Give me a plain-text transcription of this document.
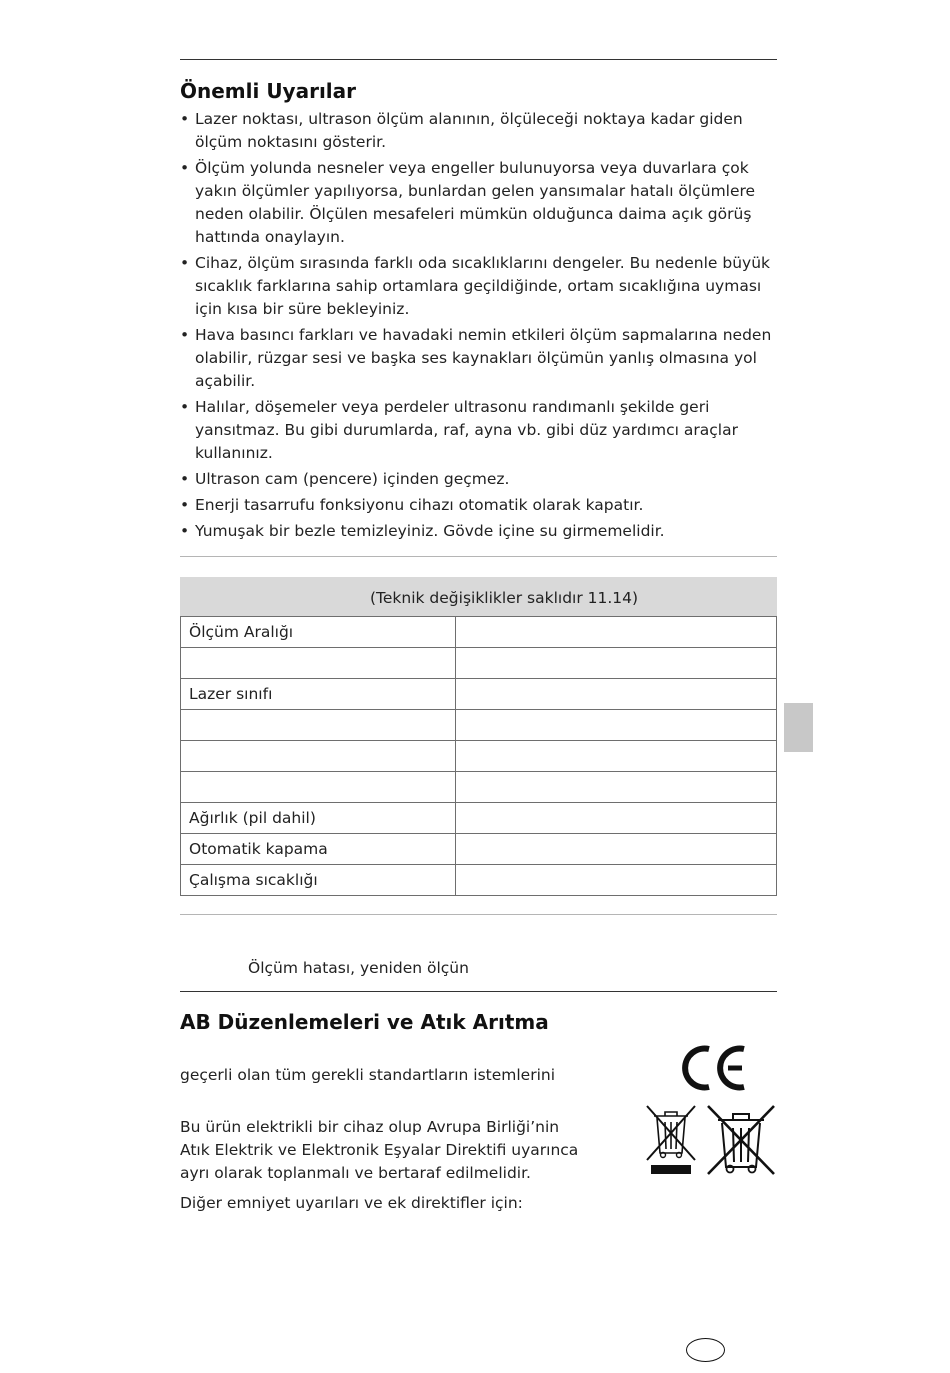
Önemli Uyarılar
• Lazer noktası, ultrason ölçüm alanının, ölçüleceği noktaya kadar giden ölçüm noktasını gösterir.
• Ölçüm yolunda nesneler veya engeller bulunuyorsa veya duvarlara çok yakın ölçümler yapılıyorsa, bunlardan gelen yansımalar hatalı ölçümlere neden olabilir. Ölçülen mesafeleri mümkün olduğunca daima açık görüş hattında onaylayın.
• Cihaz, ölçüm sırasında farklı oda sıcaklıklarını dengeler. Bu nedenle büyük sıcaklık farklarına sahip ortamlara geçildiğinde, ortam sıcaklığına uyması için kısa bir süre bekleyiniz.
• Hava basıncı farkları ve havadaki nemin etkileri ölçüm sapmalarına neden olabilir, rüzgar sesi ve başka ses kaynakları ölçümün yanlış olmasına yol açabilir.
• Halılar, döşemeler veya perdeler ultrasonu randımanlı şekilde geri yansıtmaz. Bu gibi durumlarda, raf, ayna vb. gibi düz yardımcı araçlar kullanınız.
• Ultrason cam (pencere) içinden geçmez.
• Enerji tasarrufu fonksiyonu cihazı otomatik olarak kapatır.
• Yumuşak bir bezle temizleyiniz. Gövde içine su girmemelidir.
(Teknik değişiklikler saklıdır 11.14)
Ölçüm Aralığı	

Lazer sınıfı	

Ağırlık (pil dahil)	
Otomatik kapama	
Çalışma sıcaklığı	

Ölçüm hatası, yeniden ölçün

AB Düzenlemeleri ve Atık Arıtma

geçerli olan tüm gerekli standartların istemlerini

Bu ürün elektrikli bir cihaz olup Avrupa Birliği’nin
Atık Elektrik ve Elektronik Eşyalar Direktifi uyarınca
ayrı olarak toplanmalı ve bertaraf edilmelidir.

Diğer emniyet uyarıları ve ek direktifler için:
